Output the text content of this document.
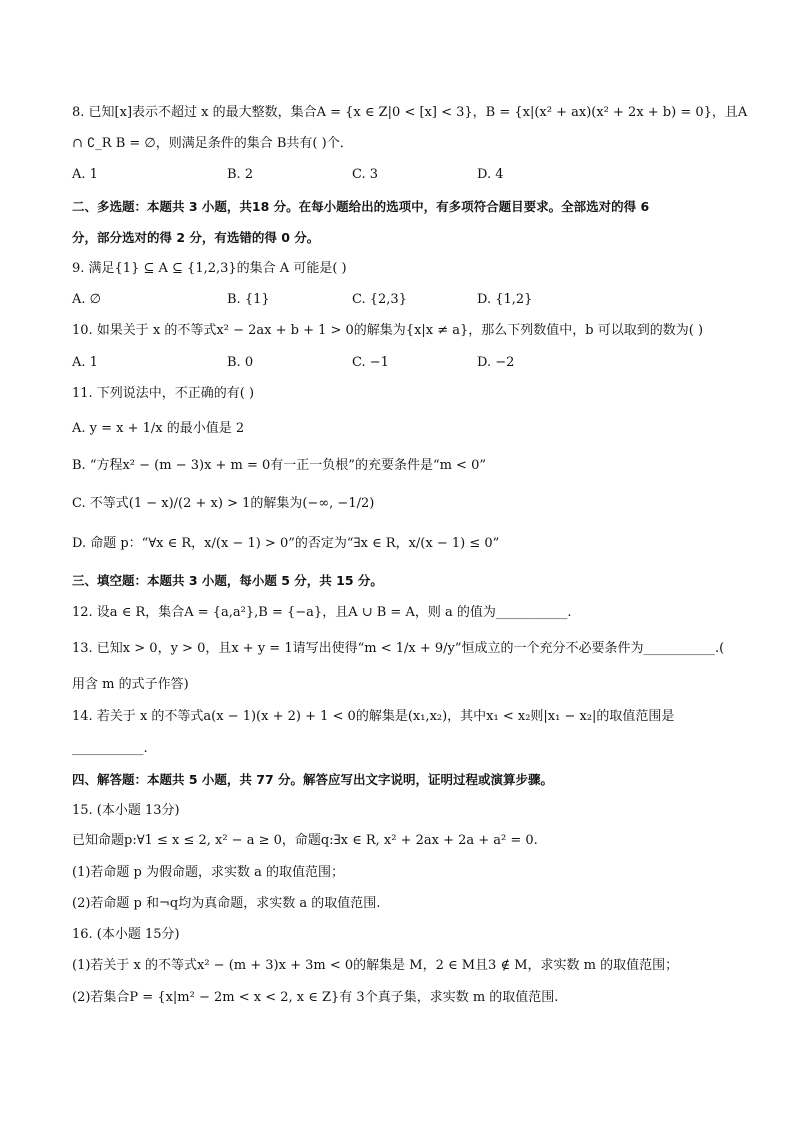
8. 已知[x]表示不超过 x 的最大整数，集合A = {x ∈ Z|0 < [x] < 3}，B = {x|(x² + ax)(x² + 2x + b) = 0}，且A
∩ ∁_R B = ∅，则满足条件的集合 B共有( )个．
A. 1	B. 2	C. 3	D. 4
二、多选题：本题共 3 小题，共18 分。在每小题给出的选项中，有多项符合题目要求。全部选对的得 6
分，部分选对的得 2 分，有选错的得 0 分。
9. 满足{1} ⊆ A ⊆ {1,2,3}的集合 A 可能是( )
A. ∅	B. {1}	C. {2,3}	D. {1,2}
10. 如果关于 x 的不等式x² − 2ax + b + 1 > 0的解集为{x|x ≠ a}，那么下列数值中，b 可以取到的数为( )
A. 1	B. 0	C. −1	D. −2
11. 下列说法中，不正确的有( )
A. y = x + 1/x 的最小值是 2
B. “方程x² − (m − 3)x + m = 0有一正一负根”的充要条件是“m < 0”
C. 不等式(1 − x)/(2 + x) > 1的解集为(−∞, −1/2)
D. 命题 p：“∀x ∈ R，x/(x − 1) > 0”的否定为“∃x ∈ R，x/(x − 1) ≤ 0”
三、填空题：本题共 3 小题，每小题 5 分，共 15 分。
12. 设a ∈ R，集合A = {a,a²},B = {−a}，且A ∪ B = A，则 a 的值为___________.
13. 已知x > 0，y > 0，且x + y = 1请写出使得“m < 1/x + 9/y”恒成立的一个充分不必要条件为___________.(
用含 m 的式子作答)
14. 若关于 x 的不等式a(x − 1)(x + 2) + 1 < 0的解集是(x₁,x₂)，其中x₁ < x₂则|x₁ − x₂|的取值范围是
___________.
四、解答题：本题共 5 小题，共 77 分。解答应写出文字说明，证明过程或演算步骤。
15. (本小题 13分)
已知命题p:∀1 ≤ x ≤ 2, x² − a ≥ 0，命题q:∃x ∈ R, x² + 2ax + 2a + a² = 0.
(1)若命题 p 为假命题，求实数 a 的取值范围；
(2)若命题 p 和¬q均为真命题，求实数 a 的取值范围.
16. (本小题 15分)
(1)若关于 x 的不等式x² − (m + 3)x + 3m < 0的解集是 M，2 ∈ M且3 ∉ M，求实数 m 的取值范围；
(2)若集合P = {x|m² − 2m < x < 2, x ∈ Z}有 3个真子集，求实数 m 的取值范围.
